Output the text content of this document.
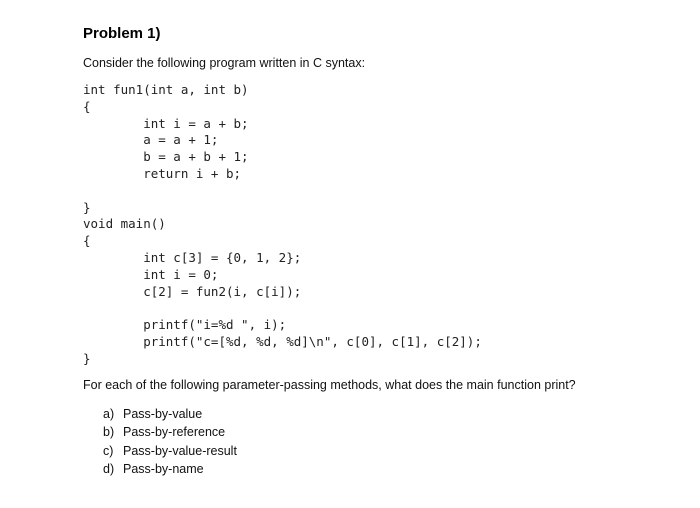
Problem 1)
Consider the following program written in C syntax:
int fun1(int a, int b)
{
int i = a + b;
a = a + 1;
b = a + b + 1;
return i + b;
}
void main()
{
int c[3] = {0, 1, 2};
int i = 0;
c[2] = fun2(i, c[i]);
printf("i=%d ", i);
printf("c=[%d, %d, %d]\n", c[0], c[1], c[2]);
}
For each of the following parameter-passing methods, what does the main function print?
a) Pass-by-value
b) Pass-by-reference
c) Pass-by-value-result
d) Pass-by-name
